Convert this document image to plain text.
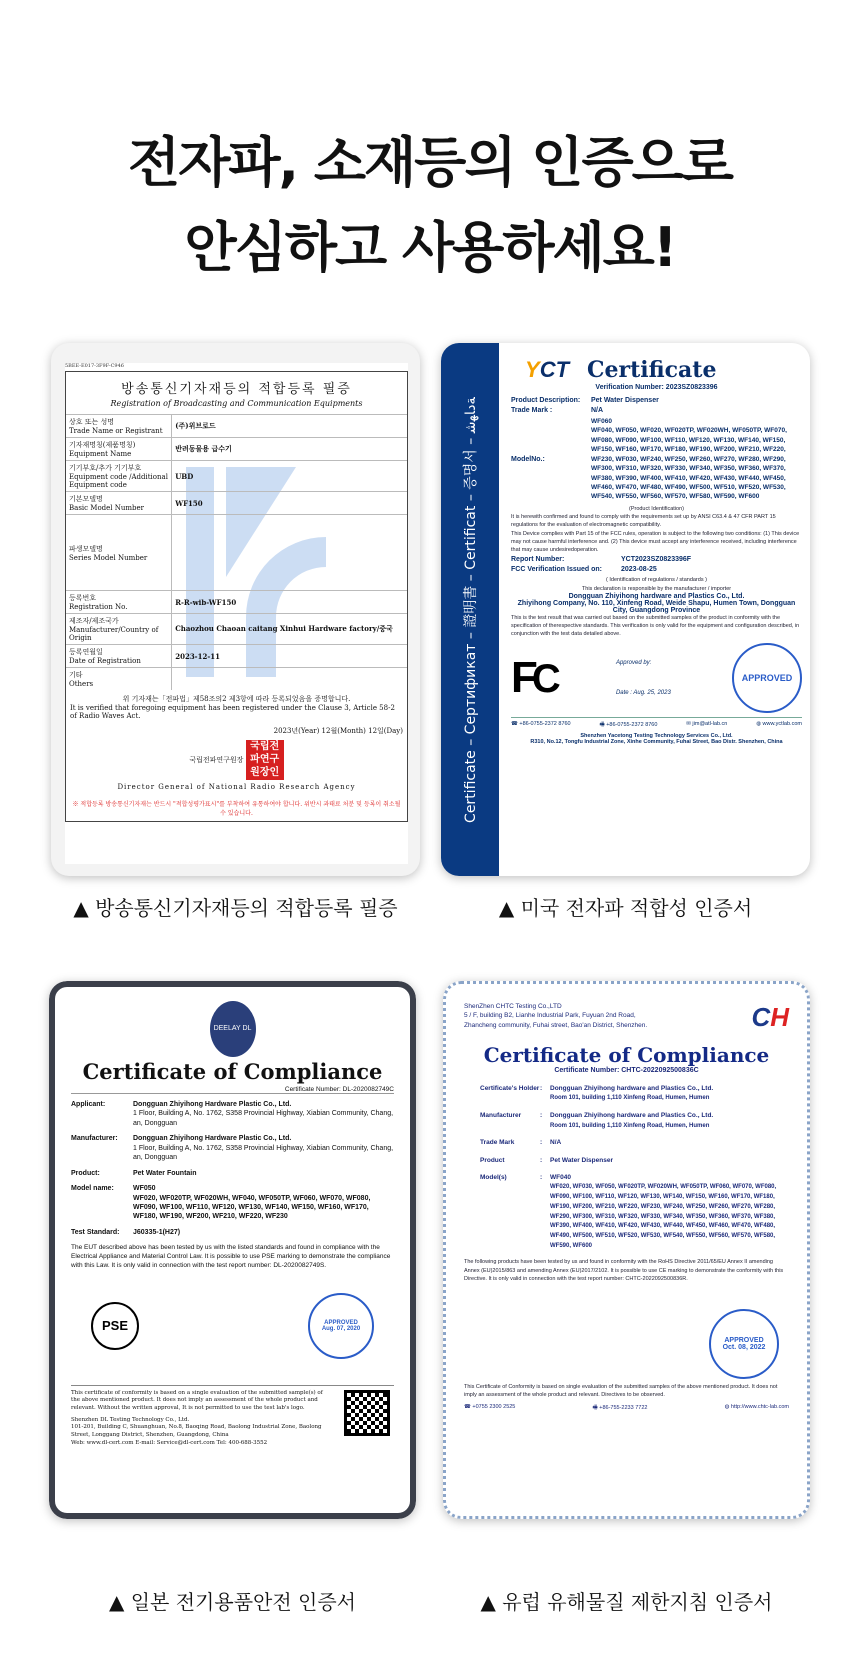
전자파, 소재등의 인증으로
안심하고 사용하세요!
5BEE-E017-3F9F-C946
방송통신기자재등의 적합등록 필증
Registration of Broadcasting and Communication Equipments
상호 또는 성명
Trade Name or Registrant	(주)위브로드

기자재명칭(제품명칭)
Equipment Name	반려동물용 급수기

기기부호/추가 기기부호
Equipment code /Additional Equipment code	UBD

기본모델명
Basic Model Number	WF150

파생모델명
Series Model Number	

등록번호
Registration No.	R-R-wib-WF150

제조자/제조국가
Manufacturer/Country of Origin	Chaozhou Chaoan caitang Xinhui Hardware factory/중국

등록연월일
Date of Registration	2023-12-11

기타
Others	

위 기자재는「전파법」제58조의2 제3항에 따라 등록되었음을 증명합니다.
It is verified that foregoing equipment has been registered under the Clause 3, Article 58-2 of Radio Waves Act.
2023년(Year) 12월(Month) 12일(Day)
국립전파연구원장 국립전
파연구
원장인
Director General of National Radio Research Agency
※ 적합등록 방송통신기자재는 반드시 "적합성평가표시"를 부착하여 유통하여야 합니다. 위반시 과태료 처분 및 등록이 취소될 수 있습니다.
▲ 방송통신기자재등의 적합등록 필증
Certificate – Сертификат – 證明書 – Certificat – 증명서 – ﺔﺩﺎﻬﺷ
YCT Certificate
Verification Number: 2023SZ0823396
Product Description:	Pet Water Dispenser
Trade Mark :	N/A
ModelNo.:
WF060
WF040, WF050, WF020, WF020TP, WF020WH, WF050TP, WF070, WF080, WF090, WF100, WF110, WF120, WF130, WF140, WF150, WF150, WF160, WF170, WF180, WF190, WF200, WF210, WF220, WF230, WF030, WF240, WF250, WF260, WF270, WF280, WF290, WF300, WF310, WF320, WF330, WF340, WF350, WF360, WF370, WF380, WF390, WF400, WF410, WF420, WF430, WF440, WF450, WF460, WF470, WF480, WF490, WF500, WF510, WF520, WF530, WF540, WF550, WF560, WF570, WF580, WF590, WF600

(Product Identification)

It is herewith confirmed and found to comply with the requirements set up by ANSI C63.4 & 47 CFR PART 15 regulations for the evaluation of electromagnetic compatibility.

This Device complies with Part 15 of the FCC rules, operation is subject to the following two conditions: (1) This device may not cause harmful interference and. (2) This device must accept any interference received, including interference that may cause undesiredoperation.

Report Number:	YCT2023SZ0823396F
FCC Verification Issued on:	2023-08-25

( Identification of regulations / standards )

This declaration is responsible by the manufacturer / importer

Dongguan Zhiyihong hardware and Plastics Co., Ltd.
Zhiyihong Company, No. 110, Xinfeng Road, Weide Shapu, Humen Town, Dongguan City, Guangdong Province

This is the test result that was carried out based on the submitted samples of the product in conformity with the specification of therespective standards. This verification is only valid for the equipment and configuration described, in conjunction with the test data detailed above.

FC	Approved by:
Date : Aug. 25, 2023
APPROVED
☎ +86-0755-2372 8760	🖷 +86-0755-2372 8760	✉ jim@atl-lab.cn	◍ www.yctlab.com
Shenzhen Yacetong Testing Technology Services Co., Ltd.
R310, No.12, Tongfu Industrial Zone, Xinhe Community, Fuhai Street, Bao Distr. Shenzhen, China
▲ 미국 전자파 적합성 인증서
DEELAY DL
Certificate of Compliance
Certificate Number: DL-2020082749C
Applicant:	Dongguan Zhiyihong Hardware Plastic Co., Ltd.
1 Floor, Building A, No. 1762, S358 Provincial Highway, Xiabian Community, Chang, an, Dongguan
Manufacturer:	Dongguan Zhiyihong Hardware Plastic Co., Ltd.
1 Floor, Building A, No. 1762, S358 Provincial Highway, Xiabian Community, Chang, an, Dongguan
Product:	Pet Water Fountain

Model name:	WF050
WF020, WF020TP, WF020WH, WF040, WF050TP, WF060, WF070, WF080, WF090, WF100, WF110, WF120, WF130, WF140, WF150, WF160, WF170, WF180, WF190, WF200, WF210, WF220, WF230
Test Standard:	J60335-1(H27)

The EUT described above has been tested by us with the listed standards and found in compliance with the Electrical Appliance and Material Control Law. It is possible to use PSE marking to demonstrate the compliance with this Law. It is only valid in connection with the test report number: DL-2020082749S.
PSE	APPROVED
Aug. 07, 2020
This certificate of conformity is based on a single evaluation of the submitted sample(s) of the above mentioned product. It does not imply an assessment of the whole product and relevant. Without the written approval, It is not permitted to use the test lab's logo.
Shenzhen DL Testing Technology Co., Ltd.
101-201, Building C, Shuanghuan, No.8, Baoqing Road, Baolong Industrial Zone, Baolong Street, Longgang District, Shenzhen, Guangdong, China
Web: www.dl-cert.com E-mail: Service@dl-cert.com Tel: 400-688-3552
▲ 일본 전기용품안전 인증서
ShenZhen CHTC Testing Co.,LTD
5 / F, building B2, Lianhe Industrial Park, Fuyuan 2nd Road,
Zhancheng community, Fuhai street, Bao'an District, Shenzhen.	CH
Certificate of Compliance
Certificate Number: CHTC-2022092500836C
Certificate's Holder :	Dongguan Zhiyihong hardware and Plastics Co., Ltd.
Room 101, building 1,110 Xinfeng Road, Humen, Humen
Manufacturer	:	Dongguan Zhiyihong hardware and Plastics Co., Ltd.
Room 101, building 1,110 Xinfeng Road, Humen, Humen
Trade Mark	:	N/A

Product	:	Pet Water Dispenser

Model(s)	:	WF040
WF020, WF030, WF050, WF020TP, WF020WH, WF050TP, WF060, WF070, WF080, WF090, WF100, WF110, WF120, WF130, WF140, WF150, WF160, WF170, WF180, WF190, WF200, WF210, WF220, WF230, WF240, WF250, WF260, WF270, WF280, WF290, WF300, WF310, WF320, WF330, WF340, WF350, WF360, WF370, WF380, WF390, WF400, WF410, WF420, WF430, WF440, WF450, WF460, WF470, WF480, WF490, WF500, WF510, WF520, WF530, WF540, WF550, WF560, WF570, WF580, WF590, WF600

The following products have been tested by us and found in conformity with the RoHS Directive 2011/65/EU Annex II amending Annex (EU)2015/863 and amending Annex (EU)2017/2102. It is possible to use CE marking to demonstrate the conformity with this Directive. It is only valid in connection with the test report number: CHTC-2022092500836R.

APPROVED
Oct. 08, 2022

This Certificate of Conformity is based on single evaluation of the submitted samples of the above mentioned product. It does not imply an assessment of the whole product and relevant. Directives to be observed.

☎ +0755 2300 2525	🖷 +86-755-2233 7722	◍ http://www.chtc-lab.com
▲ 유럽 유해물질 제한지침 인증서
